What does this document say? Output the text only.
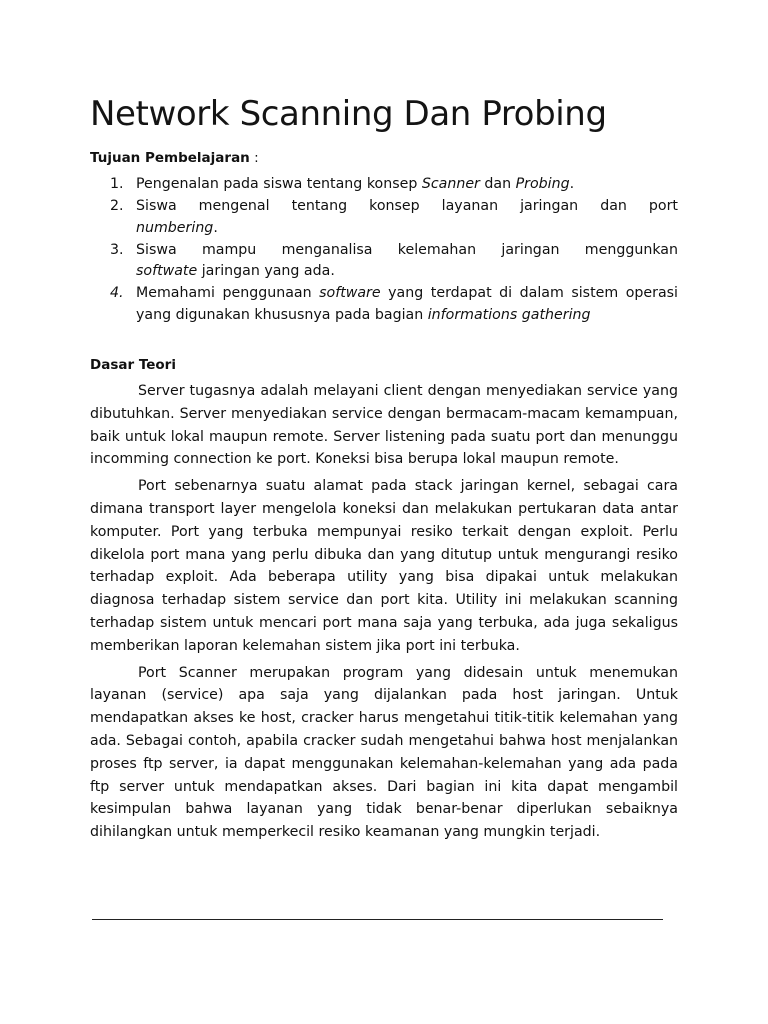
Network Scanning Dan Probing
Tujuan Pembelajaran :
1. Pengenalan pada siswa tentang konsep Scanner dan Probing.
2. Siswa mengenal tentang konsep layanan jaringan dan port
numbering.
3. Siswa mampu menganalisa kelemahan jaringan menggunkan
softwate jaringan yang ada.
4. Memahami penggunaan software yang terdapat di dalam sistem operasi yang digunakan khususnya pada bagian informations gathering
Dasar Teori

Server tugasnya adalah melayani client dengan menyediakan service yang dibutuhkan. Server menyediakan service dengan bermacam-macam kemampuan, baik untuk lokal maupun remote. Server listening pada suatu port dan menunggu incomming connection ke port. Koneksi bisa berupa lokal maupun remote.

Port sebenarnya suatu alamat pada stack jaringan kernel, sebagai cara dimana transport layer mengelola koneksi dan melakukan pertukaran data antar komputer. Port yang terbuka mempunyai resiko terkait dengan exploit. Perlu dikelola port mana yang perlu dibuka dan yang ditutup untuk mengurangi resiko terhadap exploit. Ada beberapa utility yang bisa dipakai untuk melakukan diagnosa terhadap sistem service dan port kita. Utility ini melakukan scanning terhadap sistem untuk mencari port mana saja yang terbuka, ada juga sekaligus memberikan laporan kelemahan sistem jika port ini terbuka.

Port Scanner merupakan program yang didesain untuk menemukan layanan (service) apa saja yang dijalankan pada host jaringan. Untuk mendapatkan akses ke host, cracker harus mengetahui titik-titik kelemahan yang ada. Sebagai contoh, apabila cracker sudah mengetahui bahwa host menjalankan proses ftp server, ia dapat menggunakan kelemahan-kelemahan yang ada pada ftp server untuk mendapatkan akses. Dari bagian ini kita dapat mengambil kesimpulan bahwa layanan yang tidak benar-benar diperlukan sebaiknya dihilangkan untuk memperkecil resiko keamanan yang mungkin terjadi.
